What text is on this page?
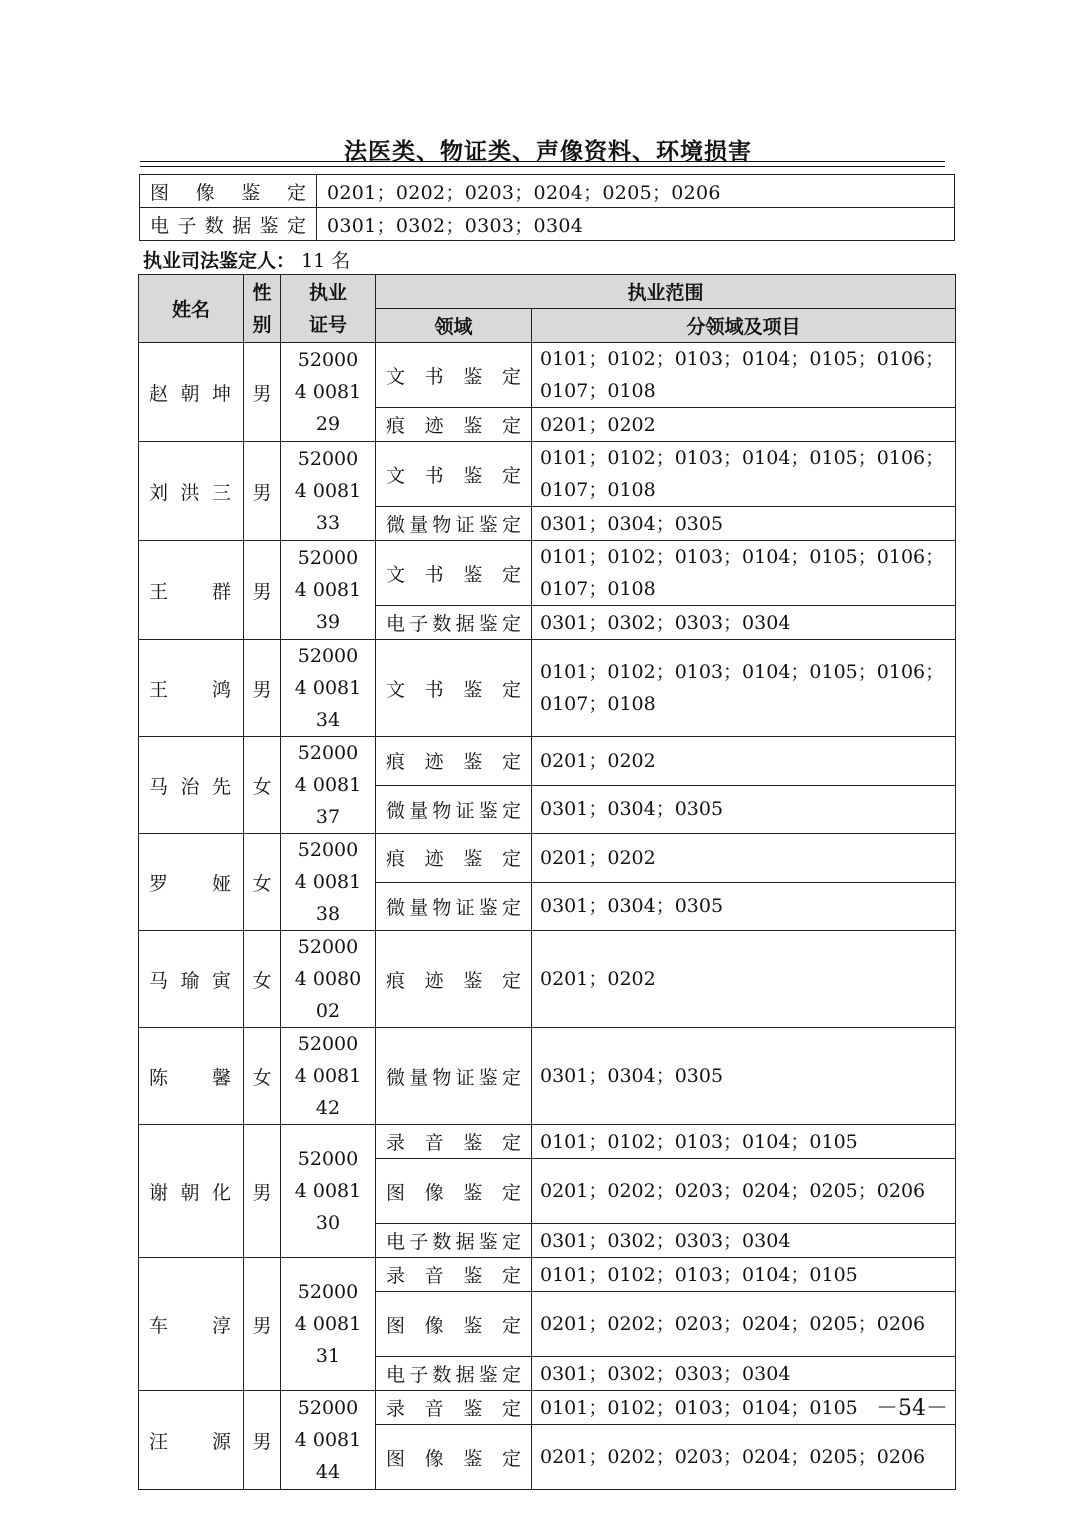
法医类、物证类、声像资料、环境损害
图像鉴定	0201；0202；0203；0204；0205；0206
电子数据鉴定	0301；0302；0303；0304
执业司法鉴定人： 11 名
姓名	性别	执业证号	执业范围	
			领域	分领域及项目
赵朝坤	男	520004 008129	文书鉴定	0101；0102；0103；0104；0105；0106；0107；0108
			痕迹鉴定	0201；0202
刘洪三	男	520004 008133	文书鉴定	0101；0102；0103；0104；0105；0106；0107；0108
			微量物证鉴定	0301；0304；0305
王群	男	520004 008139	文书鉴定	0101；0102；0103；0104；0105；0106；0107；0108
			电子数据鉴定	0301；0302；0303；0304
王鸿	男	520004 008134	文书鉴定	0101；0102；0103；0104；0105；0106；0107；0108
马治先	女	520004 008137	痕迹鉴定	0201；0202
			微量物证鉴定	0301；0304；0305
罗娅	女	520004 008138	痕迹鉴定	0201；0202
			微量物证鉴定	0301；0304；0305
马瑜寅	女	520004 008002	痕迹鉴定	0201；0202
陈馨	女	520004 008142	微量物证鉴定	0301；0304；0305
谢朝化	男	520004 008130	录音鉴定	0101；0102；0103；0104；0105
			图像鉴定	0201；0202；0203；0204；0205；0206
			电子数据鉴定	0301；0302；0303；0304
车淳	男	520004 008131	录音鉴定	0101；0102；0103；0104；0105
			图像鉴定	0201；0202；0203；0204；0205；0206
			电子数据鉴定	0301；0302；0303；0304
汪源	男	520004 008144	录音鉴定	0101；0102；0103；0104；0105
			图像鉴定	0201；0202；0203；0204；0205；0206
－54－
